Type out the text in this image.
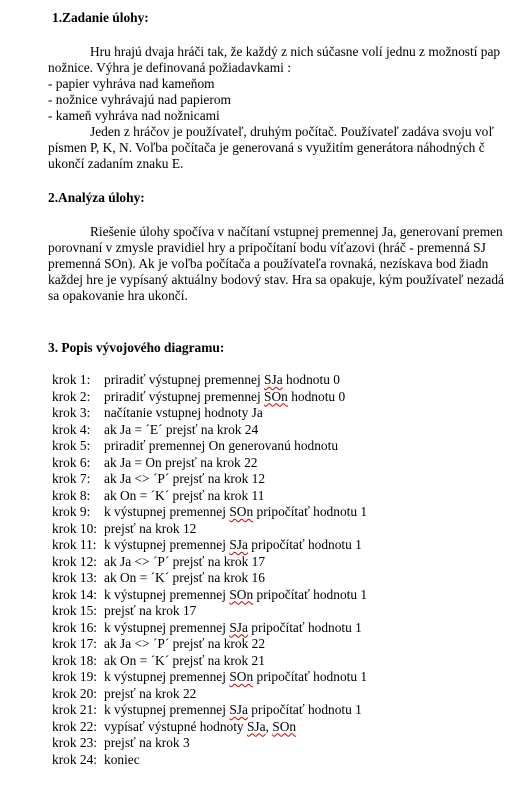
1.Zadanie úlohy:
Hru hrajú dvaja hráči tak, že každý z nich súčasne volí jednu z možností pap
nožnice. Výhra je definovaná požiadavkami :
- papier vyhráva nad kameňom
- nožnice vyhrávajú nad papierom
- kameň vyhráva nad nožnicami
Jeden z hráčov je používateľ, druhým počítač. Používateľ zadáva svoju voľ
písmen P, K, N. Voľba počítača je generovaná s využitím generátora náhodných č
ukončí zadaním znaku E.
2.Analýza úlohy:
Riešenie úlohy spočíva v načítaní vstupnej premennej Ja, generovaní premen
porovnaní v zmysle pravidiel hry a pripočítaní bodu víťazovi (hráč - premenná SJ
premenná SOn). Ak je voľba počítača a používateľa rovnaká, nezískava bod žiadn
každej hre je vypísaný aktuálny bodový stav. Hra sa opakuje, kým používateľ nezadá
sa opakovanie hra ukončí.
3. Popis vývojového diagramu:
krok 1: priradiť výstupnej premennej SJa hodnotu 0
krok 2: priradiť výstupnej premennej SOn hodnotu 0
krok 3: načítanie vstupnej hodnoty Ja
krok 4: ak Ja = ´E´ prejsť na krok 24
krok 5: priradiť premennej On generovanú hodnotu
krok 6: ak Ja = On prejsť na krok 22
krok 7: ak Ja <> ´P´ prejsť na krok 12
krok 8: ak On = ´K´ prejsť na krok 11
krok 9: k výstupnej premennej SOn pripočítať hodnotu 1
krok 10: prejsť na krok 12
krok 11: k výstupnej premennej SJa pripočítať hodnotu 1
krok 12: ak Ja <> ´P´ prejsť na krok 17
krok 13: ak On = ´K´ prejsť na krok 16
krok 14: k výstupnej premennej SOn pripočítať hodnotu 1
krok 15: prejsť na krok 17
krok 16: k výstupnej premennej SJa pripočítať hodnotu 1
krok 17: ak Ja <> ´P´ prejsť na krok 22
krok 18: ak On = ´K´ prejsť na krok 21
krok 19: k výstupnej premennej SOn pripočítať hodnotu 1
krok 20: prejsť na krok 22
krok 21: k výstupnej premennej SJa pripočítať hodnotu 1
krok 22: vypísať výstupné hodnoty SJa, SOn
krok 23: prejsť na krok 3
krok 24: koniec
